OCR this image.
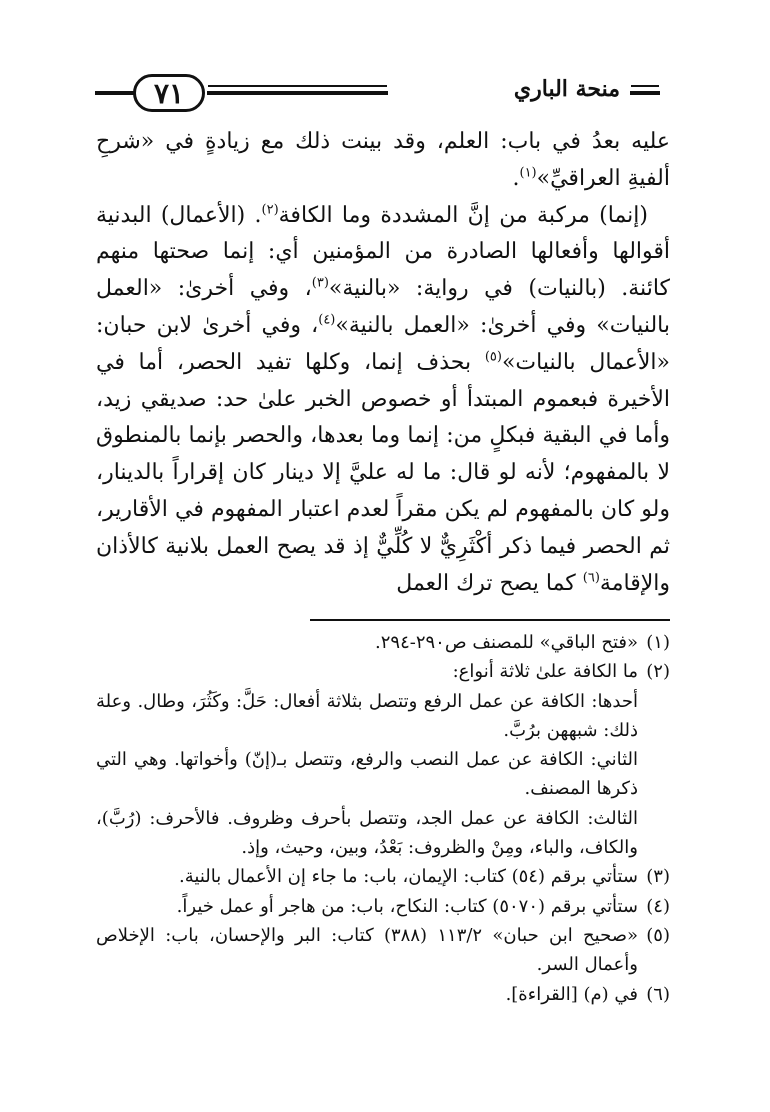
٧١	منحة الباري

عليه بعدُ في باب: العلم، وقد بينت ذلك مع زيادةٍ في «شرحِ ألفيةِ العراقيِّ»$^{(١)}$.

(إنما) مركبة من إنَّ المشددة وما الكافة$^{(٢)}$. (الأعمال) البدنية أقوالها وأفعالها الصادرة من المؤمنين أي: إنما صحتها منهم كائنة. (بالنيات) في رواية: «بالنية»$^{(٣)}$، وفي أخرىٰ: «العمل بالنيات» وفي أخرىٰ: «العمل بالنية»$^{(٤)}$، وفي أخرىٰ لابن حبان: «الأعمال بالنيات»$^{(٥)}$ بحذف إنما، وكلها تفيد الحصر، أما في الأخيرة فبعموم المبتدأ أو خصوص الخبر علىٰ حد: صديقي زيد، وأما في البقية فبكلٍ من: إنما وما بعدها، والحصر بإنما بالمنطوق لا بالمفهوم؛ لأنه لو قال: ما له عليَّ إلا دينار كان إقراراً بالدينار، ولو كان بالمفهوم لم يكن مقراً لعدم اعتبار المفهوم في الأقارير، ثم الحصر فيما ذكر أكْثَرِيٌّ لا كُلِّيٌّ إذ قد يصح العمل بلانية كالأذان والإقامة$^{(٦)}$ كما يصح ترك العمل

(١)
«فتح الباقي» للمصنف ص٢٩٠-٢٩٤.

(٢)
ما الكافة علىٰ ثلاثة أنواع:

أحدها: الكافة عن عمل الرفع وتتصل بثلاثة أفعال: حَلَّ: وكَثُرَ، وطال. وعلة ذلك: شبههن برُبَّ.

الثاني: الكافة عن عمل النصب والرفع، وتتصل بـ(إنّ) وأخواتها. وهي التي ذكرها المصنف.

الثالث: الكافة عن عمل الجد، وتتصل بأحرف وظروف. فالأحرف: (رُبَّ)، والكاف، والباء، ومِنْ والظروف: بَعْدُ، وبين، وحيث، وإذ.

(٣)
ستأتي برقم (٥٤) كتاب: الإيمان، باب: ما جاء إن الأعمال بالنية.

(٤)
ستأتي برقم (٥٠٧٠) كتاب: النكاح، باب: من هاجر أو عمل خيراً.

(٥)
«صحيح ابن حبان» ١١٣/٢ (٣٨٨) كتاب: البر والإحسان، باب: الإخلاص وأعمال السر.

(٦)
في (م) [القراءة].
